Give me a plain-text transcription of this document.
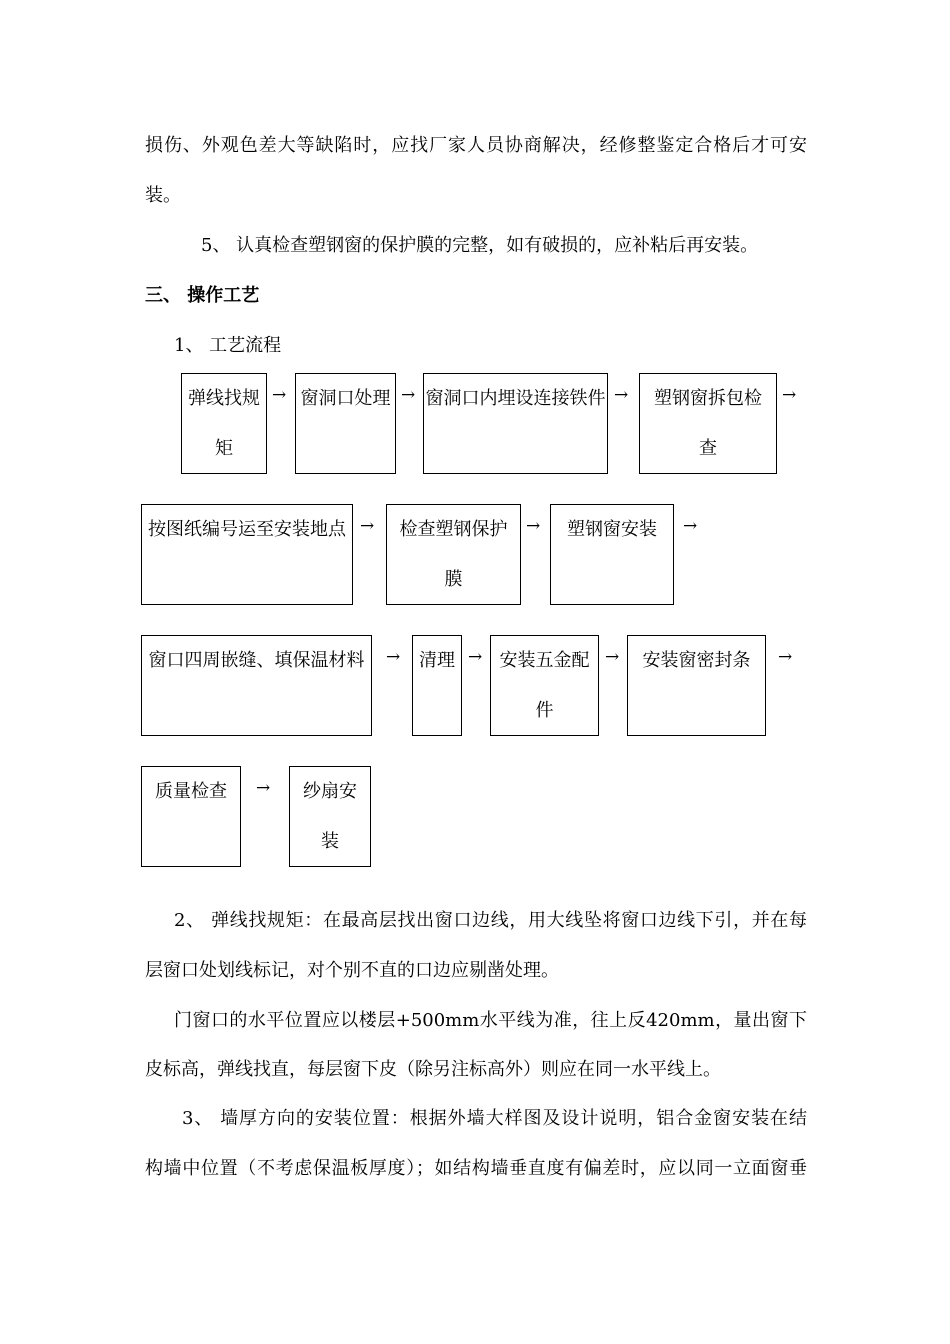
损伤、外观色差大等缺陷时，应找厂家人员协商解决，经修整鉴定合格后才可安
装。
5、 认真检查塑钢窗的保护膜的完整，如有破损的，应补粘后再安装。
三、 操作工艺
1、 工艺流程
弹线找规矩
→ 窗洞口处理 → 窗洞口内埋设连接铁件 → 塑钢窗拆包检查
→
按图纸编号运至安装地点 →	检查塑钢保护膜
→	塑钢窗安装	→
窗口四周嵌缝、填保温材料	→	清理 → 安装五金配件
→	安装窗密封条	→
质量检查	→ 纱扇安装
2、 弹线找规矩：在最高层找出窗口边线，用大线坠将窗口边线下引，并在每
层窗口处划线标记，对个别不直的口边应剔凿处理。
门窗口的水平位置应以楼层+500mm水平线为准，往上反420mm，量出窗下
皮标高，弹线找直，每层窗下皮（除另注标高外）则应在同一水平线上。
3、 墙厚方向的安装位置：根据外墙大样图及设计说明，铝合金窗安装在结
构墙中位置（不考虑保温板厚度）；如结构墙垂直度有偏差时，应以同一立面窗垂
